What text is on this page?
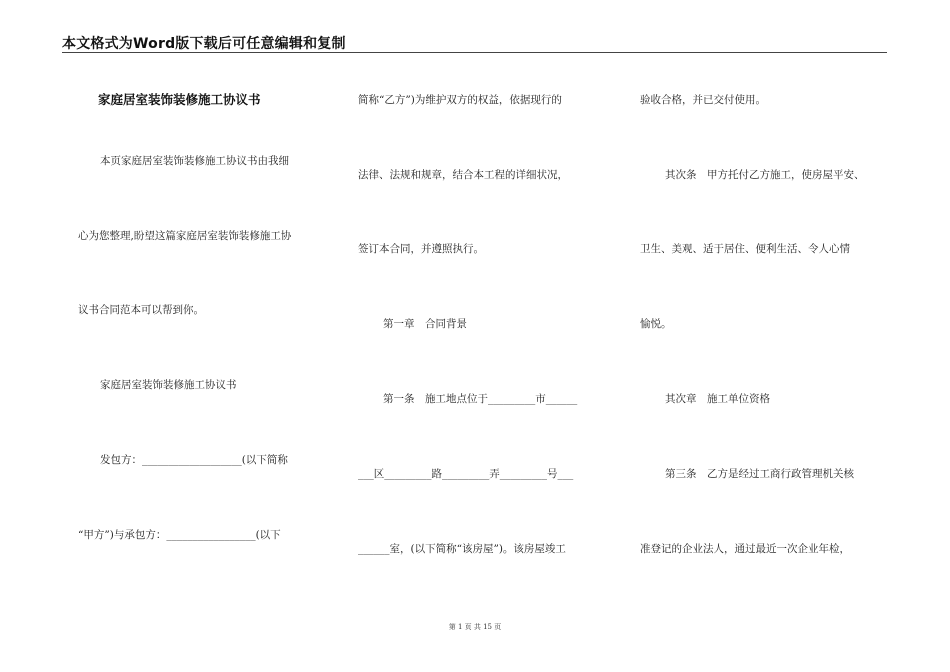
本文格式为Word版下载后可任意编辑和复制
家庭居室装饰装修施工协议书
本页家庭居室装饰装修施工协议书由我细
心为您整理,盼望这篇家庭居室装饰装修施工协
议书合同范本可以帮到你。
家庭居室装饰装修施工协议书
发包方：___________________(以下简称
“甲方”)与承包方：_________________(以下
简称“乙方”)为维护双方的权益，依据现行的
法律、法规和规章，结合本工程的详细状况，
签订本合同，并遵照执行。
第一章　合同背景
第一条　施工地点位于_________市______
___区_________路_________弄_________号___
______室，(以下简称“该房屋”)。该房屋竣工
验收合格，并已交付使用。
其次条　甲方托付乙方施工，使房屋平安、
卫生、美观、适于居住、便利生活、令人心情
愉悦。
其次章　施工单位资格
第三条　乙方是经过工商行政管理机关核
准登记的企业法人，通过最近一次企业年检，
第 1 页 共 15 页
